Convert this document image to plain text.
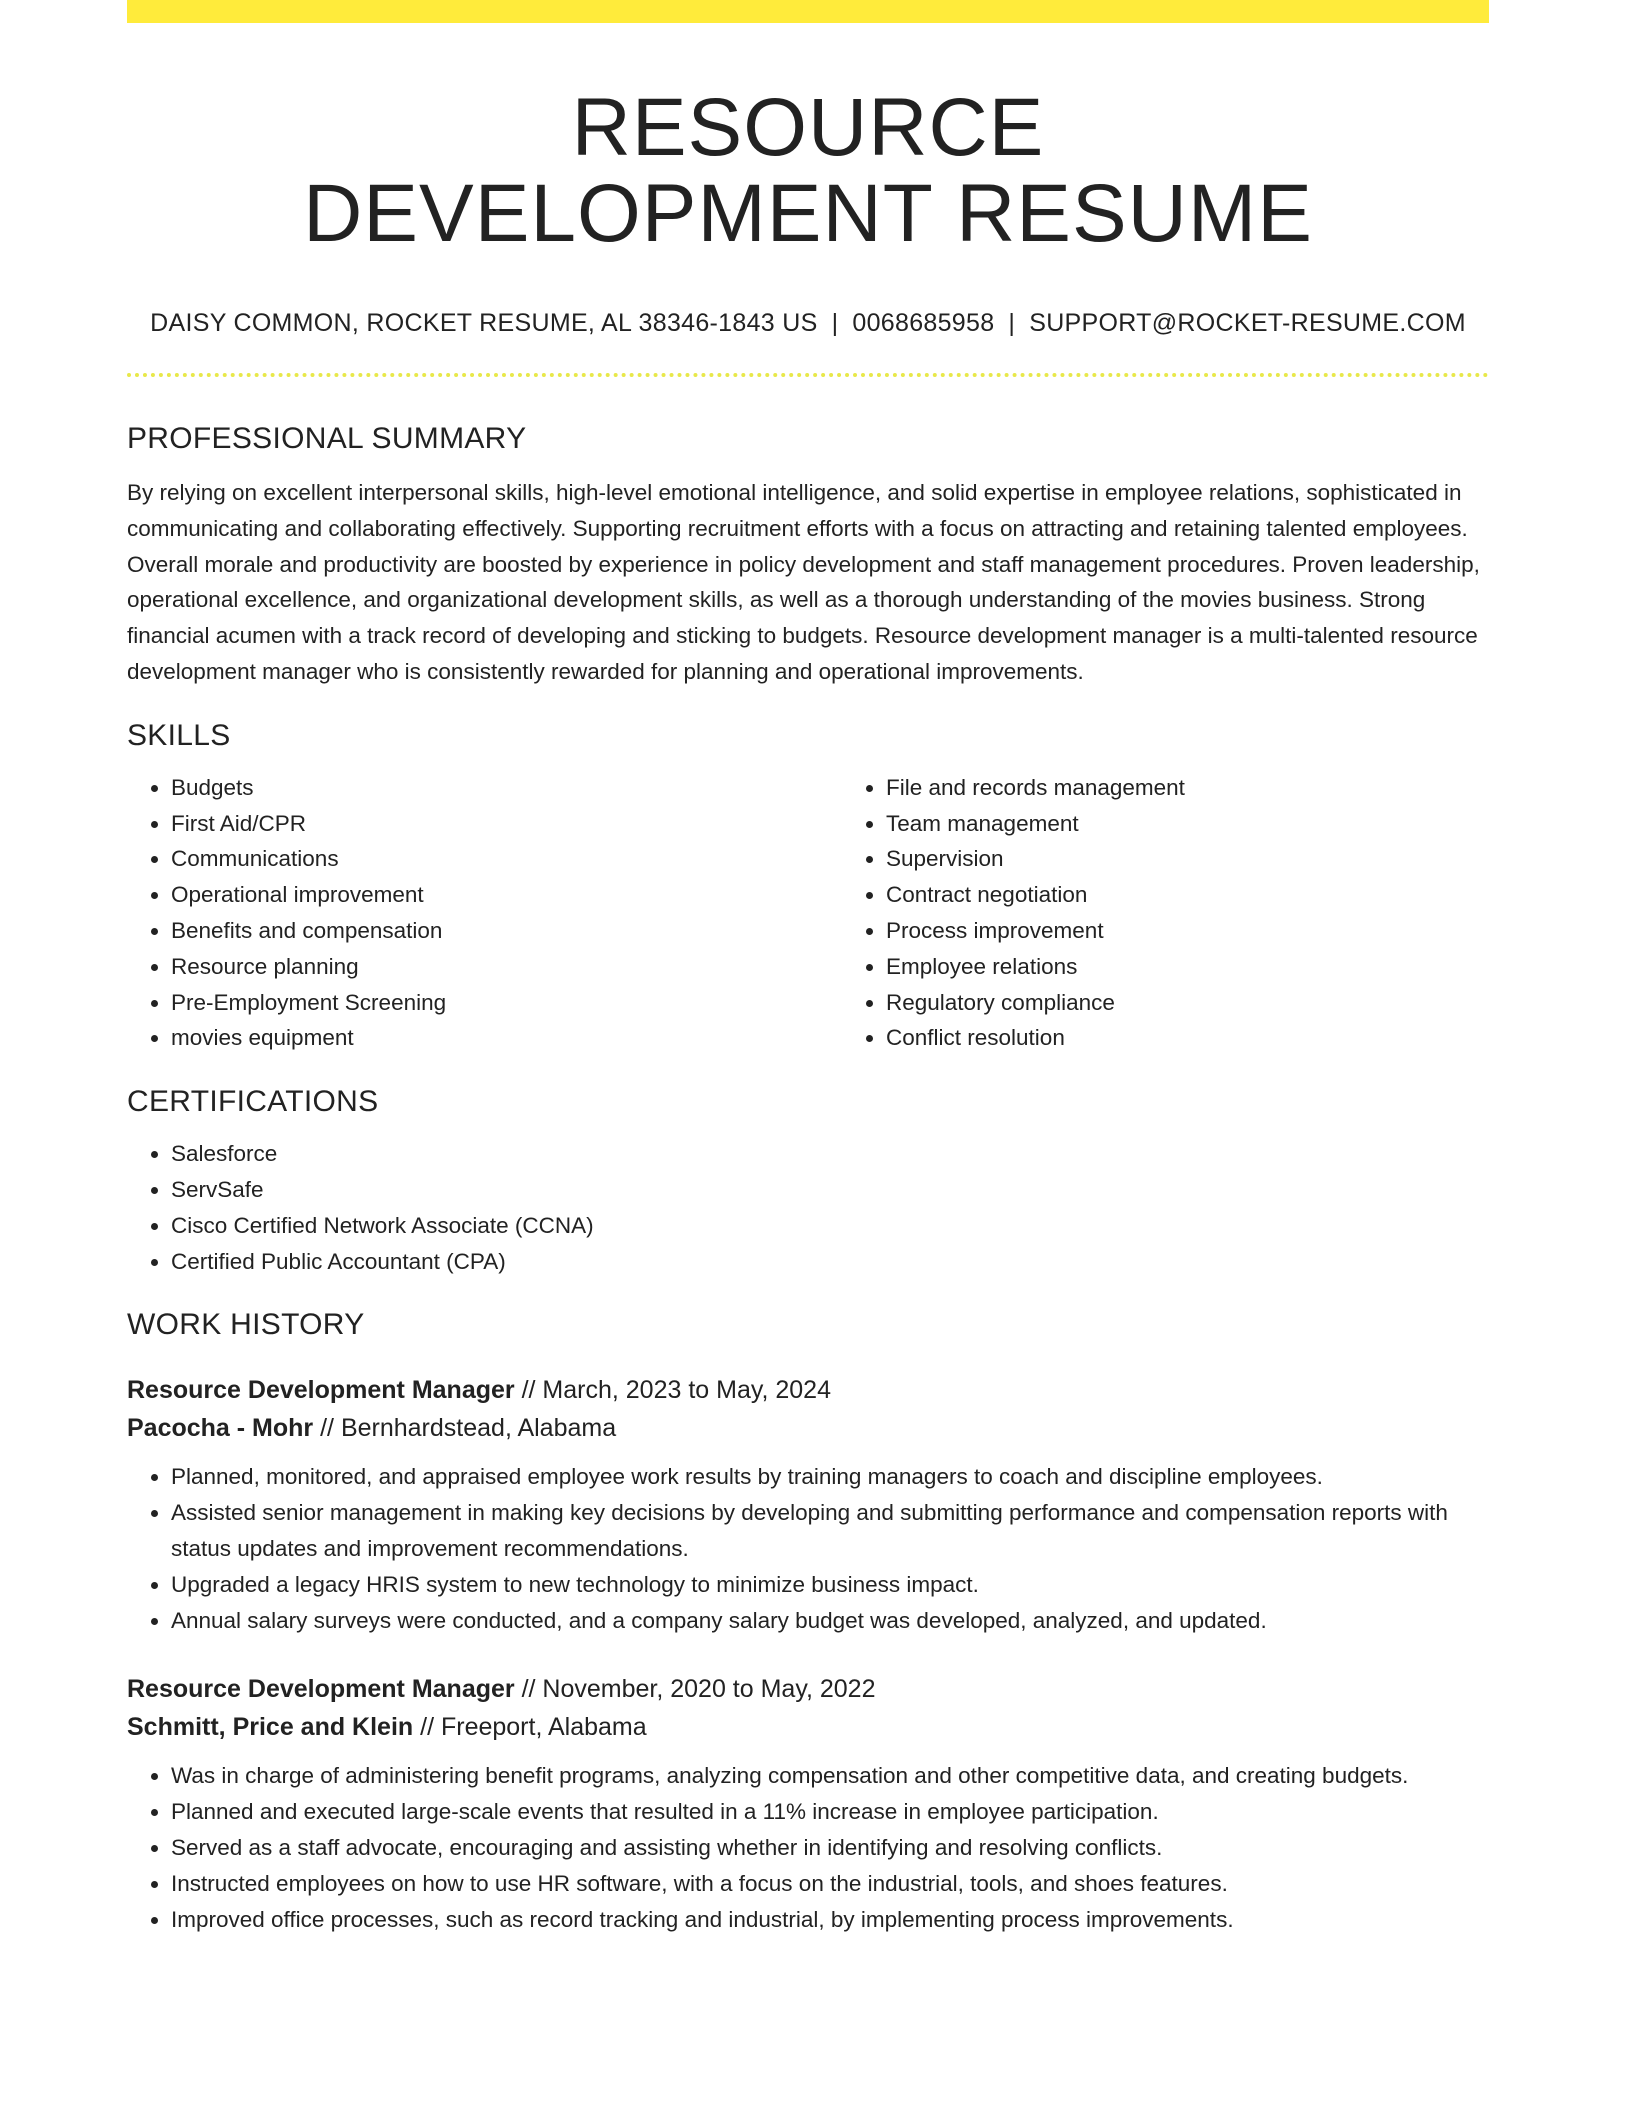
RESOURCE
DEVELOPMENT RESUME
DAISY COMMON, ROCKET RESUME, AL 38346-1843 US | 0068685958 | SUPPORT@ROCKET-RESUME.COM
PROFESSIONAL SUMMARY

By relying on excellent interpersonal skills, high-level emotional intelligence, and solid expertise in employee relations, sophisticated in communicating and collaborating effectively. Supporting recruitment efforts with a focus on attracting and retaining talented employees. Overall morale and productivity are boosted by experience in policy development and staff management procedures. Proven leadership, operational excellence, and organizational development skills, as well as a thorough understanding of the movies business. Strong financial acumen with a track record of developing and sticking to budgets. Resource development manager is a multi-talented resource development manager who is consistently rewarded for planning and operational improvements.

SKILLS
• Budgets
• First Aid/CPR
• Communications
• Operational improvement
• Benefits and compensation
• Resource planning
• Pre-Employment Screening
• movies equipment
• File and records management
• Team management
• Supervision
• Contract negotiation
• Process improvement
• Employee relations
• Regulatory compliance
• Conflict resolution
CERTIFICATIONS
• Salesforce
• ServSafe
• Cisco Certified Network Associate (CCNA)
• Certified Public Accountant (CPA)
WORK HISTORY
Resource Development Manager // March, 2023 to May, 2024
Pacocha - Mohr // Bernhardstead, Alabama
• Planned, monitored, and appraised employee work results by training managers to coach and discipline employees.
• Assisted senior management in making key decisions by developing and submitting performance and compensation reports with status updates and improvement recommendations.
• Upgraded a legacy HRIS system to new technology to minimize business impact.
• Annual salary surveys were conducted, and a company salary budget was developed, analyzed, and updated.
Resource Development Manager // November, 2020 to May, 2022
Schmitt, Price and Klein // Freeport, Alabama
• Was in charge of administering benefit programs, analyzing compensation and other competitive data, and creating budgets.
• Planned and executed large-scale events that resulted in a 11% increase in employee participation.
• Served as a staff advocate, encouraging and assisting whether in identifying and resolving conflicts.
• Instructed employees on how to use HR software, with a focus on the industrial, tools, and shoes features.
• Improved office processes, such as record tracking and industrial, by implementing process improvements.
